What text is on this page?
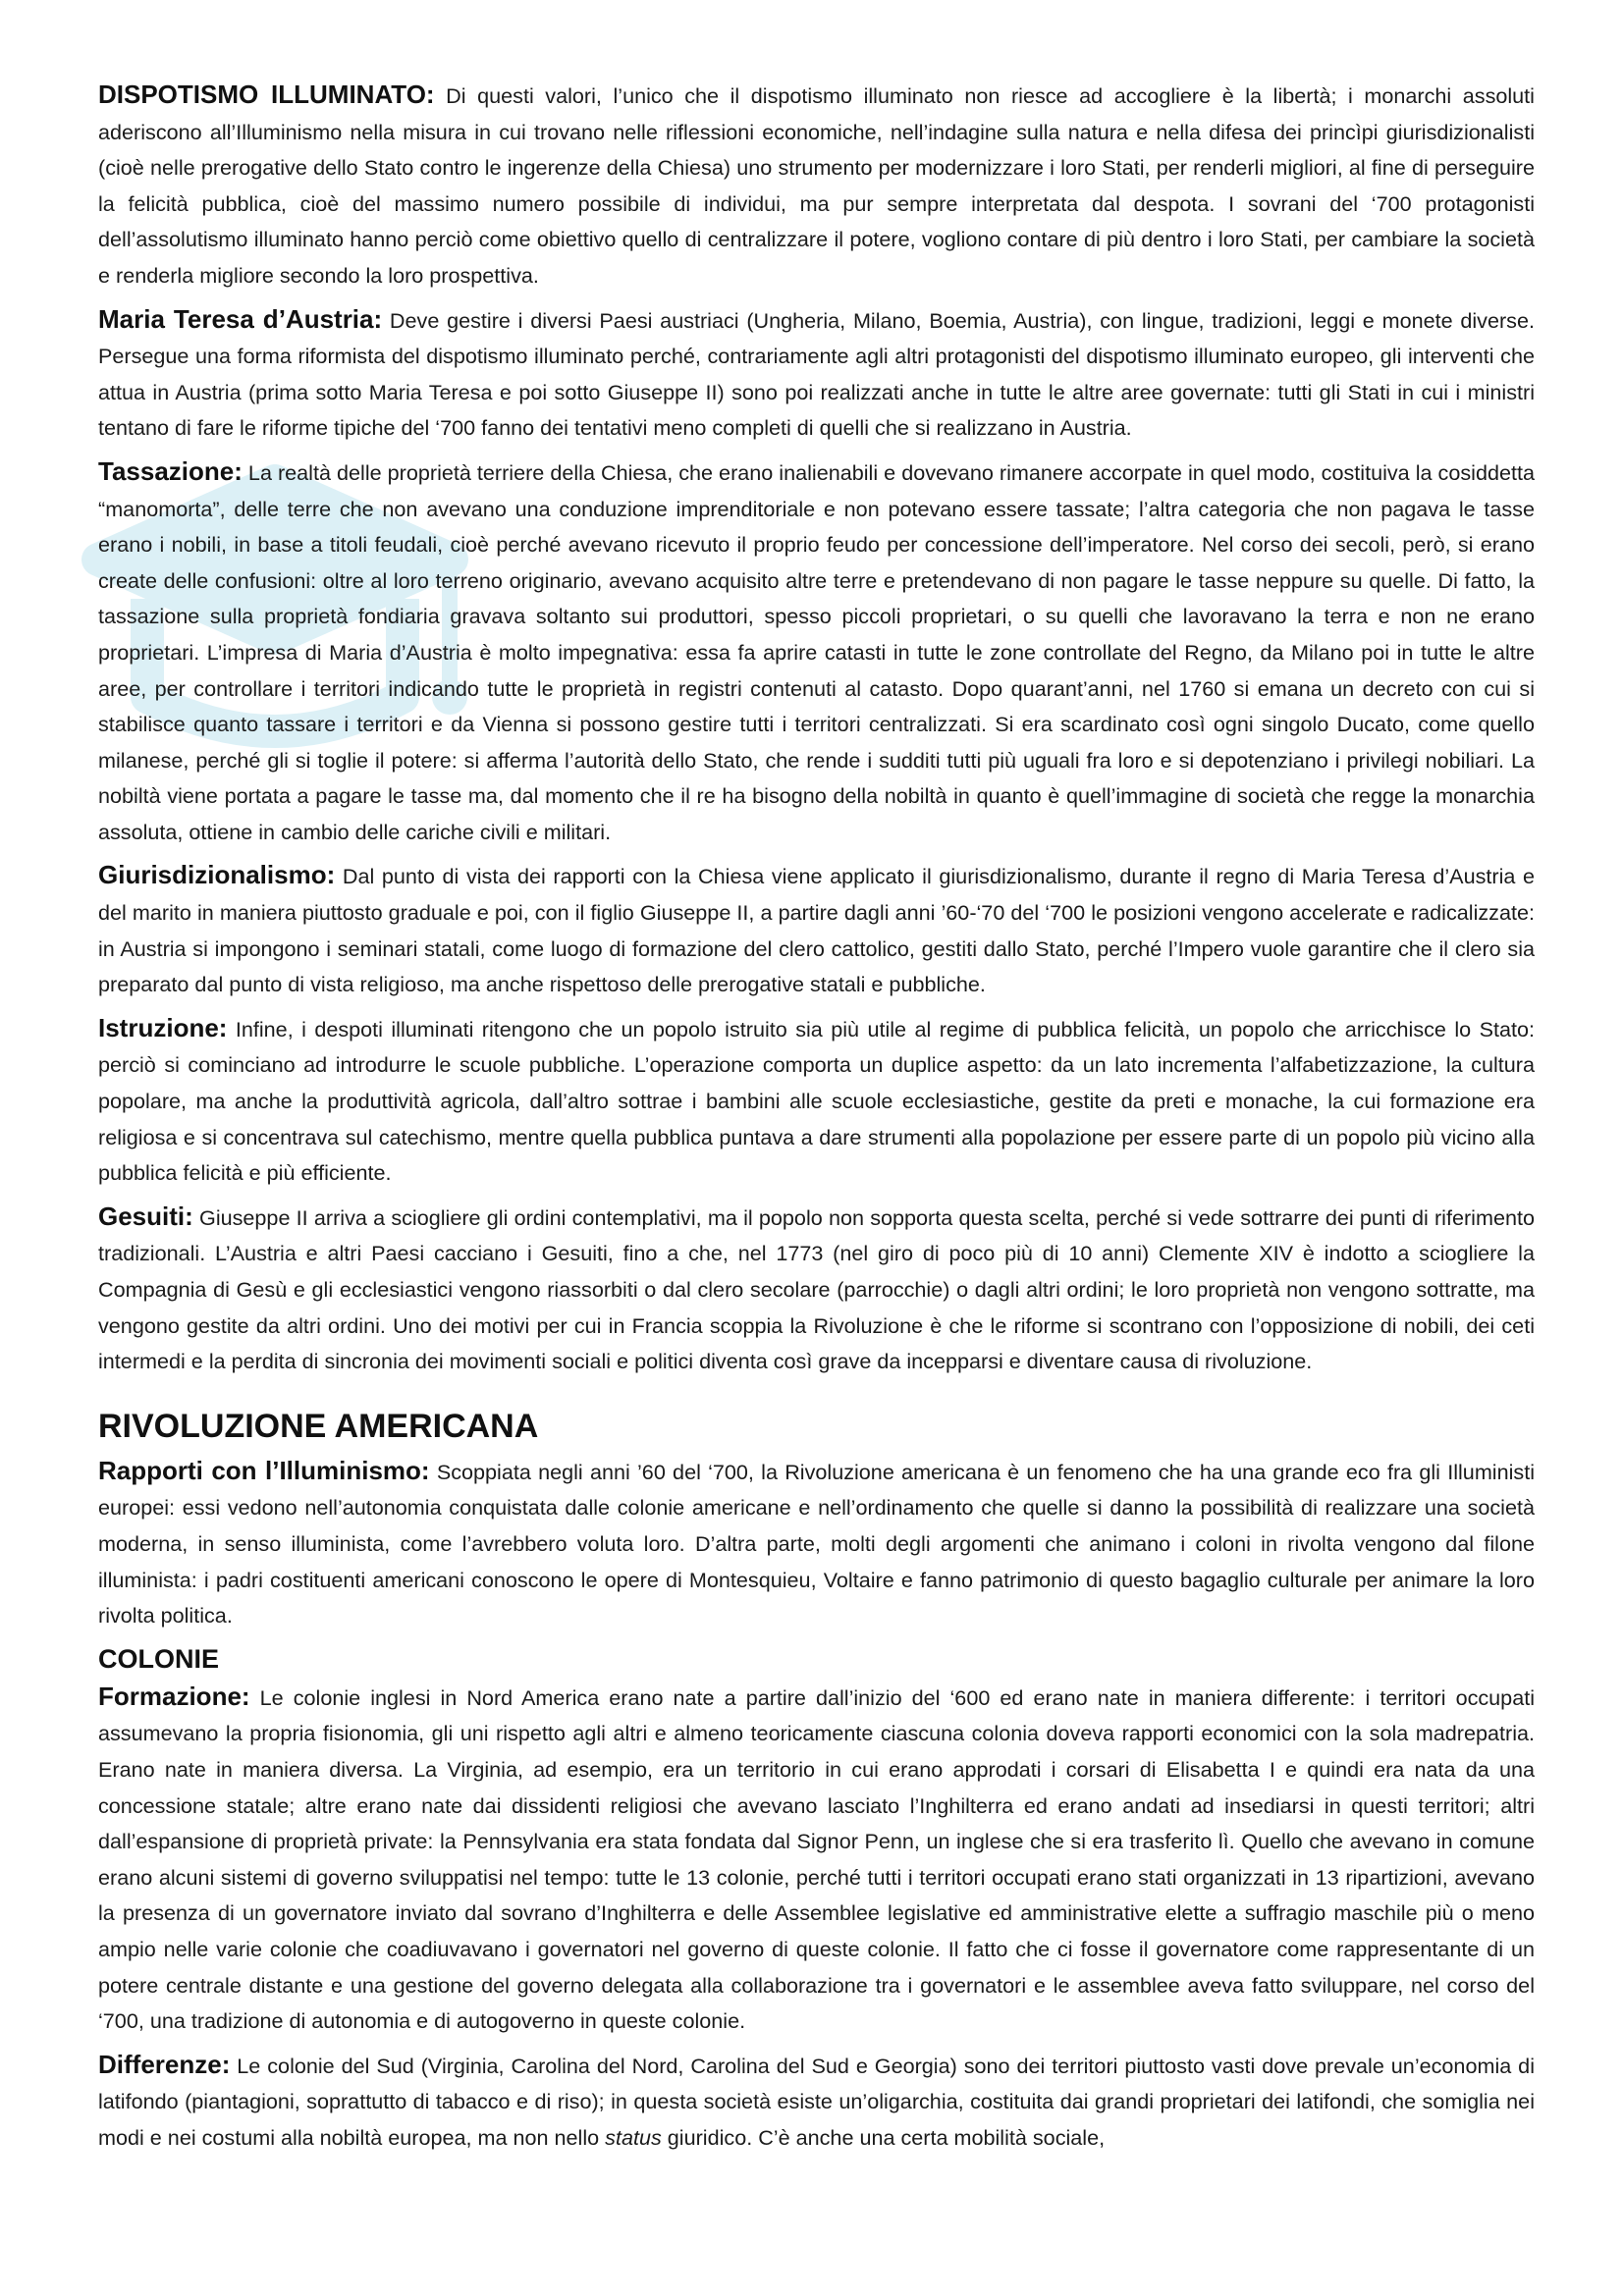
DISPOTISMO ILLUMINATO: Di questi valori, l’unico che il dispotismo illuminato non riesce ad accogliere è la libertà; i monarchi assoluti aderiscono all’Illuminismo nella misura in cui trovano nelle riflessioni economiche, nell’indagine sulla natura e nella difesa dei princìpi giurisdizionalisti (cioè nelle prerogative dello Stato contro le ingerenze della Chiesa) uno strumento per modernizzare i loro Stati, per renderli migliori, al fine di perseguire la felicità pubblica, cioè del massimo numero possibile di individui, ma pur sempre interpretata dal despota. I sovrani del ‘700 protagonisti dell’assolutismo illuminato hanno perciò come obiettivo quello di centralizzare il potere, vogliono contare di più dentro i loro Stati, per cambiare la società e renderla migliore secondo la loro prospettiva.

Maria Teresa d’Austria: Deve gestire i diversi Paesi austriaci (Ungheria, Milano, Boemia, Austria), con lingue, tradizioni, leggi e monete diverse. Persegue una forma riformista del dispotismo illuminato perché, contrariamente agli altri protagonisti del dispotismo illuminato europeo, gli interventi che attua in Austria (prima sotto Maria Teresa e poi sotto Giuseppe II) sono poi realizzati anche in tutte le altre aree governate: tutti gli Stati in cui i ministri tentano di fare le riforme tipiche del ‘700 fanno dei tentativi meno completi di quelli che si realizzano in Austria.

Tassazione: La realtà delle proprietà terriere della Chiesa, che erano inalienabili e dovevano rimanere accorpate in quel modo, costituiva la cosiddetta “manomorta”, delle terre che non avevano una conduzione imprenditoriale e non potevano essere tassate; l’altra categoria che non pagava le tasse erano i nobili, in base a titoli feudali, cioè perché avevano ricevuto il proprio feudo per concessione dell’imperatore. Nel corso dei secoli, però, si erano create delle confusioni: oltre al loro terreno originario, avevano acquisito altre terre e pretendevano di non pagare le tasse neppure su quelle. Di fatto, la tassazione sulla proprietà fondiaria gravava soltanto sui produttori, spesso piccoli proprietari, o su quelli che lavoravano la terra e non ne erano proprietari. L’impresa di Maria d’Austria è molto impegnativa: essa fa aprire catasti in tutte le zone controllate del Regno, da Milano poi in tutte le altre aree, per controllare i territori indicando tutte le proprietà in registri contenuti al catasto. Dopo quarant’anni, nel 1760 si emana un decreto con cui si stabilisce quanto tassare i territori e da Vienna si possono gestire tutti i territori centralizzati. Si era scardinato così ogni singolo Ducato, come quello milanese, perché gli si toglie il potere: si afferma l’autorità dello Stato, che rende i sudditi tutti più uguali fra loro e si depotenziano i privilegi nobiliari. La nobiltà viene portata a pagare le tasse ma, dal momento che il re ha bisogno della nobiltà in quanto è quell’immagine di società che regge la monarchia assoluta, ottiene in cambio delle cariche civili e militari.

Giurisdizionalismo: Dal punto di vista dei rapporti con la Chiesa viene applicato il giurisdizionalismo, durante il regno di Maria Teresa d’Austria e del marito in maniera piuttosto graduale e poi, con il figlio Giuseppe II, a partire dagli anni ’60-‘70 del ‘700 le posizioni vengono accelerate e radicalizzate: in Austria si impongono i seminari statali, come luogo di formazione del clero cattolico, gestiti dallo Stato, perché l’Impero vuole garantire che il clero sia preparato dal punto di vista religioso, ma anche rispettoso delle prerogative statali e pubbliche.

Istruzione: Infine, i despoti illuminati ritengono che un popolo istruito sia più utile al regime di pubblica felicità, un popolo che arricchisce lo Stato: perciò si cominciano ad introdurre le scuole pubbliche. L’operazione comporta un duplice aspetto: da un lato incrementa l’alfabetizzazione, la cultura popolare, ma anche la produttività agricola, dall’altro sottrae i bambini alle scuole ecclesiastiche, gestite da preti e monache, la cui formazione era religiosa e si concentrava sul catechismo, mentre quella pubblica puntava a dare strumenti alla popolazione per essere parte di un popolo più vicino alla pubblica felicità e più efficiente.

Gesuiti: Giuseppe II arriva a sciogliere gli ordini contemplativi, ma il popolo non sopporta questa scelta, perché si vede sottrarre dei punti di riferimento tradizionali. L’Austria e altri Paesi cacciano i Gesuiti, fino a che, nel 1773 (nel giro di poco più di 10 anni) Clemente XIV è indotto a sciogliere la Compagnia di Gesù e gli ecclesiastici vengono riassorbiti o dal clero secolare (parrocchie) o dagli altri ordini; le loro proprietà non vengono sottratte, ma vengono gestite da altri ordini. Uno dei motivi per cui in Francia scoppia la Rivoluzione è che le riforme si scontrano con l’opposizione di nobili, dei ceti intermedi e la perdita di sincronia dei movimenti sociali e politici diventa così grave da incepparsi e diventare causa di rivoluzione.

RIVOLUZIONE AMERICANA

Rapporti con l’Illuminismo: Scoppiata negli anni ’60 del ‘700, la Rivoluzione americana è un fenomeno che ha una grande eco fra gli Illuministi europei: essi vedono nell’autonomia conquistata dalle colonie americane e nell’ordinamento che quelle si danno la possibilità di realizzare una società moderna, in senso illuminista, come l’avrebbero voluta loro. D’altra parte, molti degli argomenti che animano i coloni in rivolta vengono dal filone illuminista: i padri costituenti americani conoscono le opere di Montesquieu, Voltaire e fanno patrimonio di questo bagaglio culturale per animare la loro rivolta politica.

COLONIE

Formazione: Le colonie inglesi in Nord America erano nate a partire dall’inizio del ‘600 ed erano nate in maniera differente: i territori occupati assumevano la propria fisionomia, gli uni rispetto agli altri e almeno teoricamente ciascuna colonia doveva rapporti economici con la sola madrepatria. Erano nate in maniera diversa. La Virginia, ad esempio, era un territorio in cui erano approdati i corsari di Elisabetta I e quindi era nata da una concessione statale; altre erano nate dai dissidenti religiosi che avevano lasciato l’Inghilterra ed erano andati ad insediarsi in questi territori; altri dall’espansione di proprietà private: la Pennsylvania era stata fondata dal Signor Penn, un inglese che si era trasferito lì. Quello che avevano in comune erano alcuni sistemi di governo sviluppatisi nel tempo: tutte le 13 colonie, perché tutti i territori occupati erano stati organizzati in 13 ripartizioni, avevano la presenza di un governatore inviato dal sovrano d’Inghilterra e delle Assemblee legislative ed amministrative elette a suffragio maschile più o meno ampio nelle varie colonie che coadiuvavano i governatori nel governo di queste colonie. Il fatto che ci fosse il governatore come rappresentante di un potere centrale distante e una gestione del governo delegata alla collaborazione tra i governatori e le assemblee aveva fatto sviluppare, nel corso del ‘700, una tradizione di autonomia e di autogoverno in queste colonie.

Differenze: Le colonie del Sud (Virginia, Carolina del Nord, Carolina del Sud e Georgia) sono dei territori piuttosto vasti dove prevale un’economia di latifondo (piantagioni, soprattutto di tabacco e di riso); in questa società esiste un’oligarchia, costituita dai grandi proprietari dei latifondi, che somiglia nei modi e nei costumi alla nobiltà europea, ma non nello status giuridico. C’è anche una certa mobilità sociale,
